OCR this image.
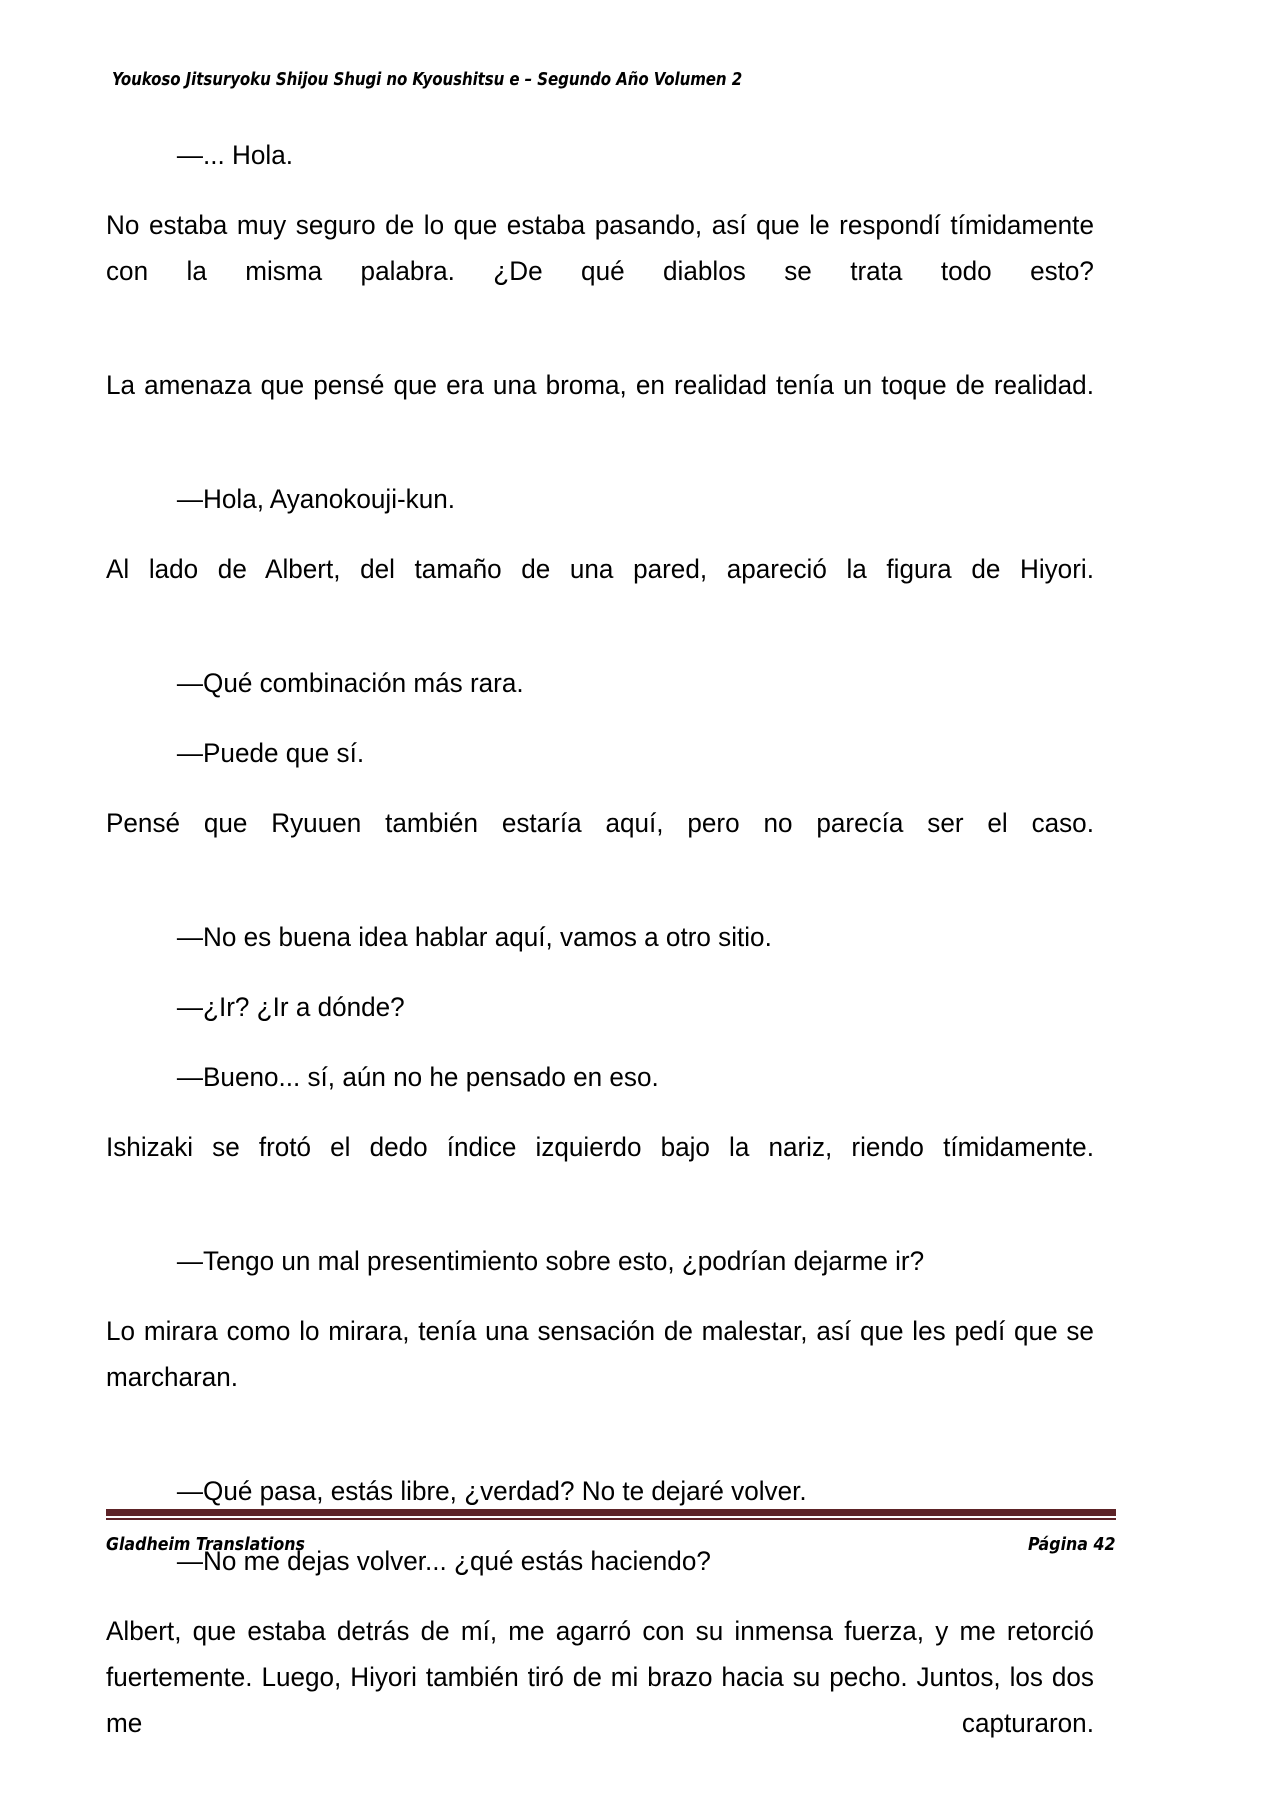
Youkoso Jitsuryoku Shijou Shugi no Kyoushitsu e – Segundo Año Volumen 2

—... Hola.

No estaba muy seguro de lo que estaba pasando, así que le respondí tímidamente con la misma palabra. ¿De qué diablos se trata todo esto?

La amenaza que pensé que era una broma, en realidad tenía un toque de realidad.

—Hola, Ayanokouji-kun.

Al lado de Albert, del tamaño de una pared, apareció la figura de Hiyori.

—Qué combinación más rara.

—Puede que sí.

Pensé que Ryuuen también estaría aquí, pero no parecía ser el caso.

—No es buena idea hablar aquí, vamos a otro sitio.

—¿Ir? ¿Ir a dónde?

—Bueno... sí, aún no he pensado en eso.

Ishizaki se frotó el dedo índice izquierdo bajo la nariz, riendo tímidamente.

—Tengo un mal presentimiento sobre esto, ¿podrían dejarme ir?

Lo mirara como lo mirara, tenía una sensación de malestar, así que les pedí que se marcharan.

—Qué pasa, estás libre, ¿verdad? No te dejaré volver.

—No me dejas volver... ¿qué estás haciendo?

Albert, que estaba detrás de mí, me agarró con su inmensa fuerza, y me retorció fuertemente. Luego, Hiyori también tiró de mi brazo hacia su pecho. Juntos, los dos me capturaron.

Gladheim Translations	Página 42
